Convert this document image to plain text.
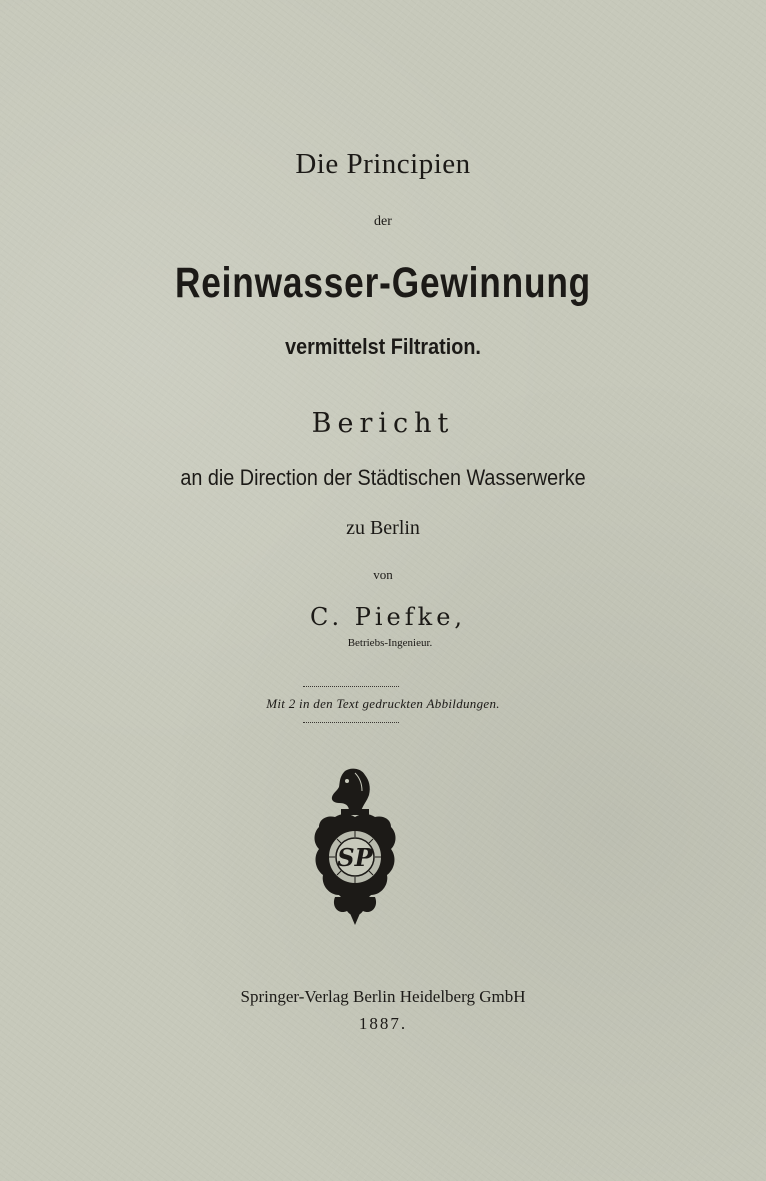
Die Principien
der
Reinwasser-Gewinnung
vermittelst Filtration.
Bericht
an die Direction der Städtischen Wasserwerke
zu Berlin
von
C. Piefke,
Betriebs-Ingenieur.
Mit 2 in den Text gedruckten Abbildungen.
SP
Springer-Verlag Berlin Heidelberg GmbH
1887.
